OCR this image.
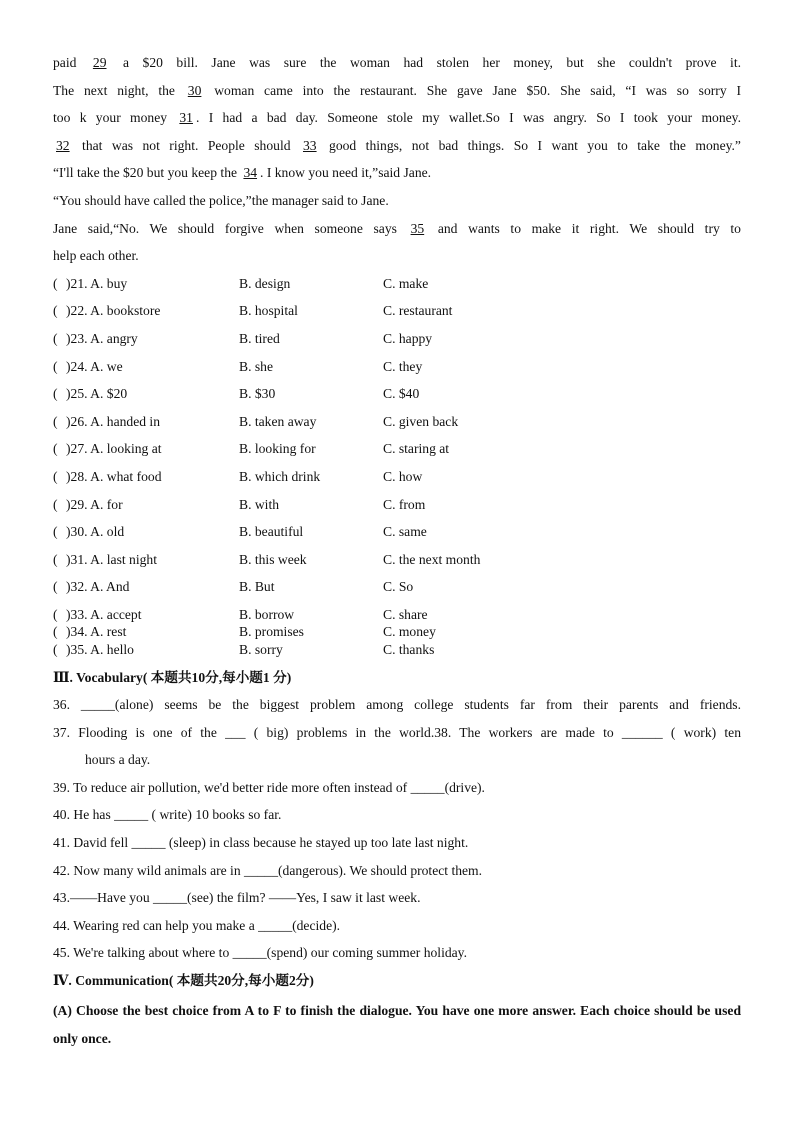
paid 29 a $20 bill. Jane was sure the woman had stolen her money, but she couldn't prove it.
The next night, the 30 woman came into the restaurant. She gave Jane $50. She said, “I was so sorry I
too k your money 31 . I had a bad day. Someone stole my wallet.So I was angry. So I took your money.
32 that was not right. People should 33 good things, not bad things. So I want you to take the money.”
“I'll take the $20 but you keep the 34 . I know you need it,”said Jane.
“You should have called the police,”the manager said to Jane.
Jane said,“No. We should forgive when someone says 35 and wants to make it right. We should try to
help each other.
( )21. A. buy	B. design	C. make
( )22. A. bookstore	B. hospital	C. restaurant
( )23. A. angry	B. tired	C. happy
( )24. A. we	B. she	C. they
( )25. A. $20	B. $30	C. $40
( )26. A. handed in	B. taken away	C. given back
( )27. A. looking at	B. looking for	C. staring at
( )28. A. what food	B. which drink	C. how
( )29. A. for	B. with	C. from
( )30. A. old	B. beautiful	C. same
( )31. A. last night	B. this week	C. the next month
( )32. A. And	B. But	C. So
( )33. A. accept	B. borrow	C. share
( )34. A. rest	B. promises	C. money
( )35. A. hello	B. sorry	C. thanks
Ⅲ. Vocabulary( 本题共10分,每小题1 分)
36. _____(alone) seems be the biggest problem among college students far from their parents and friends.
37. Flooding is one of the ___ ( big) problems in the world.38. The workers are made to ______ ( work) ten
hours a day.
39. To reduce air pollution, we'd better ride more often instead of _____(drive).
40. He has _____ ( write) 10 books so far.
41. David fell _____ (sleep) in class because he stayed up too late last night.
42. Now many wild animals are in _____(dangerous). We should protect them.
43.——Have you _____(see) the film? ——Yes, I saw it last week.
44. Wearing red can help you make a _____(decide).
45. We're talking about where to _____(spend) our coming summer holiday.
Ⅳ. Communication( 本题共20分,每小题2分)
(A) Choose the best choice from A to F to finish the dialogue. You have one more answer. Each choice should be used only once.
